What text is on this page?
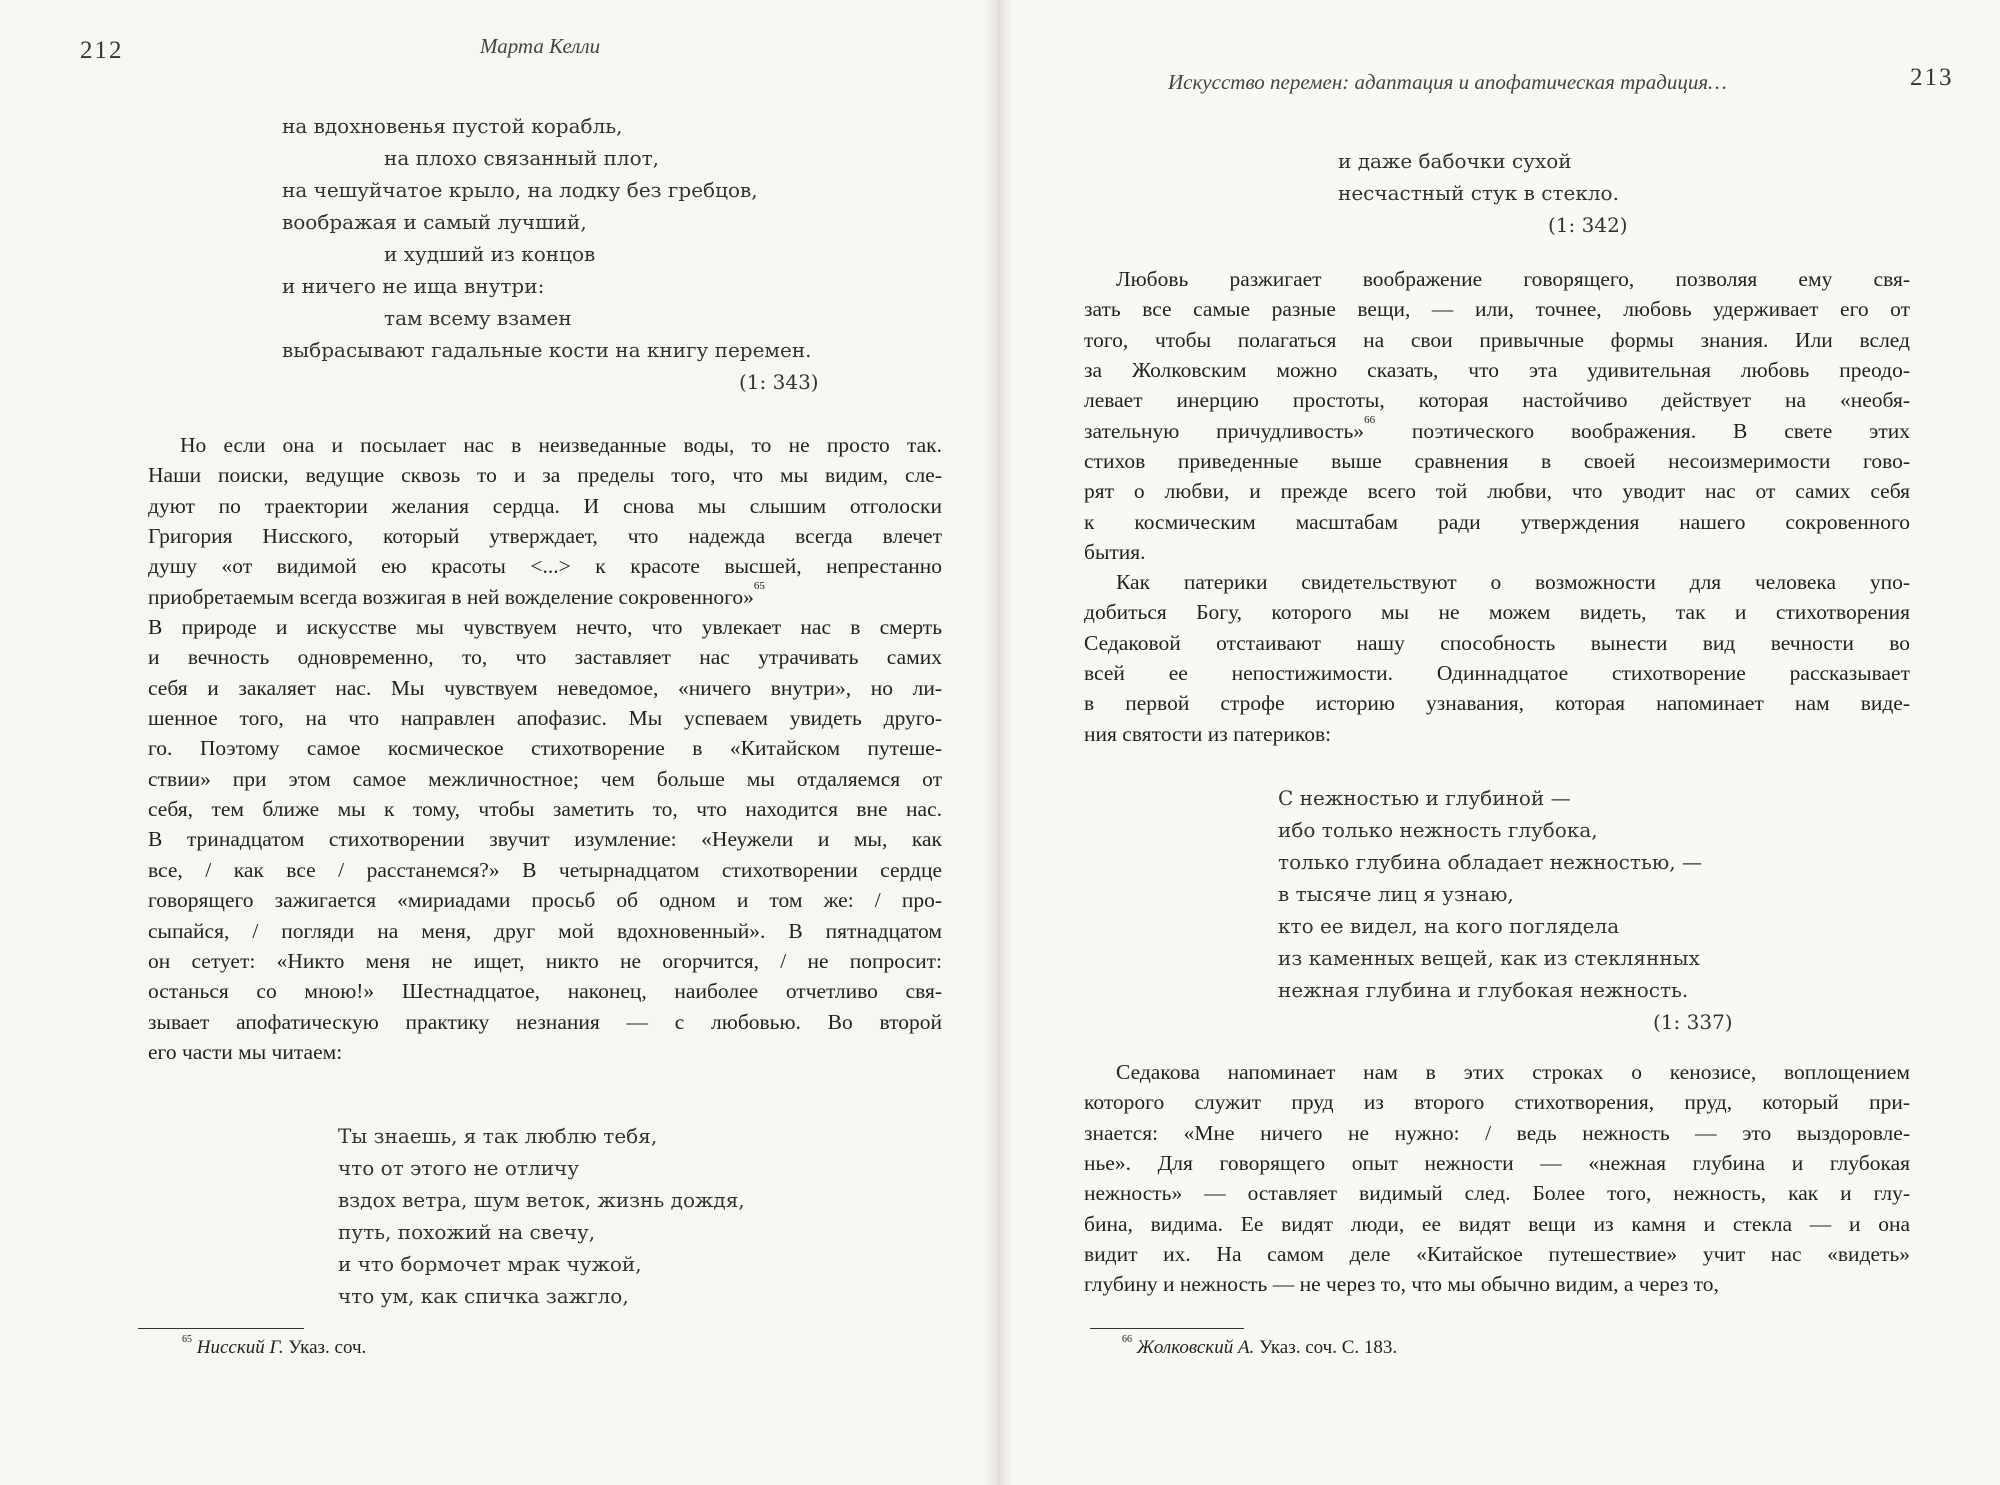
212	Марта Келли
на вдохновенья пустой корабль,
на плохо связанный плот,
на чешуйчатое крыло, на лодку без гребцов,
воображая и самый лучший,
и худший из концов
и ничего не ища внутри:
там всему взамен
выбрасывают гадальные кости на книгу перемен.
(1: 343)
Но если она и посылает нас в неизведанные воды, то не просто так.
Наши поиски, ведущие сквозь то и за пределы того, что мы видим, сле-
дуют по траектории желания сердца. И снова мы слышим отголоски
Григория Нисского, который утверждает, что надежда всегда влечет
душу «от видимой ею красоты <...> к красоте высшей, непрестанно
приобретаемым всегда возжигая в ней вожделение сокровенного»$^{65}$
В природе и искусстве мы чувствуем нечто, что увлекает нас в смерть
и вечность одновременно, то, что заставляет нас утрачивать самих
себя и закаляет нас. Мы чувствуем неведомое, «ничего внутри», но ли-
шенное того, на что направлен апофазис. Мы успеваем увидеть друго-
го. Поэтому самое космическое стихотворение в «Китайском путеше-
ствии» при этом самое межличностное; чем больше мы отдаляемся от
себя, тем ближе мы к тому, чтобы заметить то, что находится вне нас.
В тринадцатом стихотворении звучит изумление: «Неужели и мы, как
все, / как все / расстанемся?» В четырнадцатом стихотворении сердце
говорящего зажигается «мириадами просьб об одном и том же: / про-
сыпайся, / погляди на меня, друг мой вдохновенный». В пятнадцатом
он сетует: «Никто меня не ищет, никто не огорчится, / не попросит:
останься со мною!» Шестнадцатое, наконец, наиболее отчетливо свя-
зывает апофатическую практику незнания — с любовью. Во второй
его части мы читаем:
Ты знаешь, я так люблю тебя,
что от этого не отличу
вздох ветра, шум веток, жизнь дождя,
путь, похожий на свечу,
и что бормочет мрак чужой,
что ум, как спичка зажгло,
$^{65}$ Нисский Г. Указ. соч.
Искусство перемен: адаптация и апофатическая традиция…	213
и даже бабочки сухой
несчастный стук в стекло.
(1: 342)
Любовь разжигает воображение говорящего, позволяя ему свя-
зать все самые разные вещи, — или, точнее, любовь удерживает его от
того, чтобы полагаться на свои привычные формы знания. Или вслед
за Жолковским можно сказать, что эта удивительная любовь преодо-
левает инерцию простоты, которая настойчиво действует на «необя-
зательную причудливость»$^{66}$ поэтического воображения. В свете этих
стихов приведенные выше сравнения в своей несоизмеримости гово-
рят о любви, и прежде всего той любви, что уводит нас от самих себя
к космическим масштабам ради утверждения нашего сокровенного
бытия.
Как патерики свидетельствуют о возможности для человека упо-
добиться Богу, которого мы не можем видеть, так и стихотворения
Седаковой отстаивают нашу способность вынести вид вечности во
всей ее непостижимости. Одиннадцатое стихотворение рассказывает
в первой строфе историю узнавания, которая напоминает нам виде-
ния святости из патериков:
С нежностью и глубиной —
ибо только нежность глубока,
только глубина обладает нежностью, —
в тысяче лиц я узнаю,
кто ее видел, на кого поглядела
из каменных вещей, как из стеклянных
нежная глубина и глубокая нежность.
(1: 337)
Седакова напоминает нам в этих строках о кенозисе, воплощением
которого служит пруд из второго стихотворения, пруд, который при-
знается: «Мне ничего не нужно: / ведь нежность — это выздоровле-
нье». Для говорящего опыт нежности — «нежная глубина и глубокая
нежность» — оставляет видимый след. Более того, нежность, как и глу-
бина, видима. Ее видят люди, ее видят вещи из камня и стекла — и она
видит их. На самом деле «Китайское путешествие» учит нас «видеть»
глубину и нежность — не через то, что мы обычно видим, а через то,
$^{66}$ Жолковский А. Указ. соч. С. 183.
